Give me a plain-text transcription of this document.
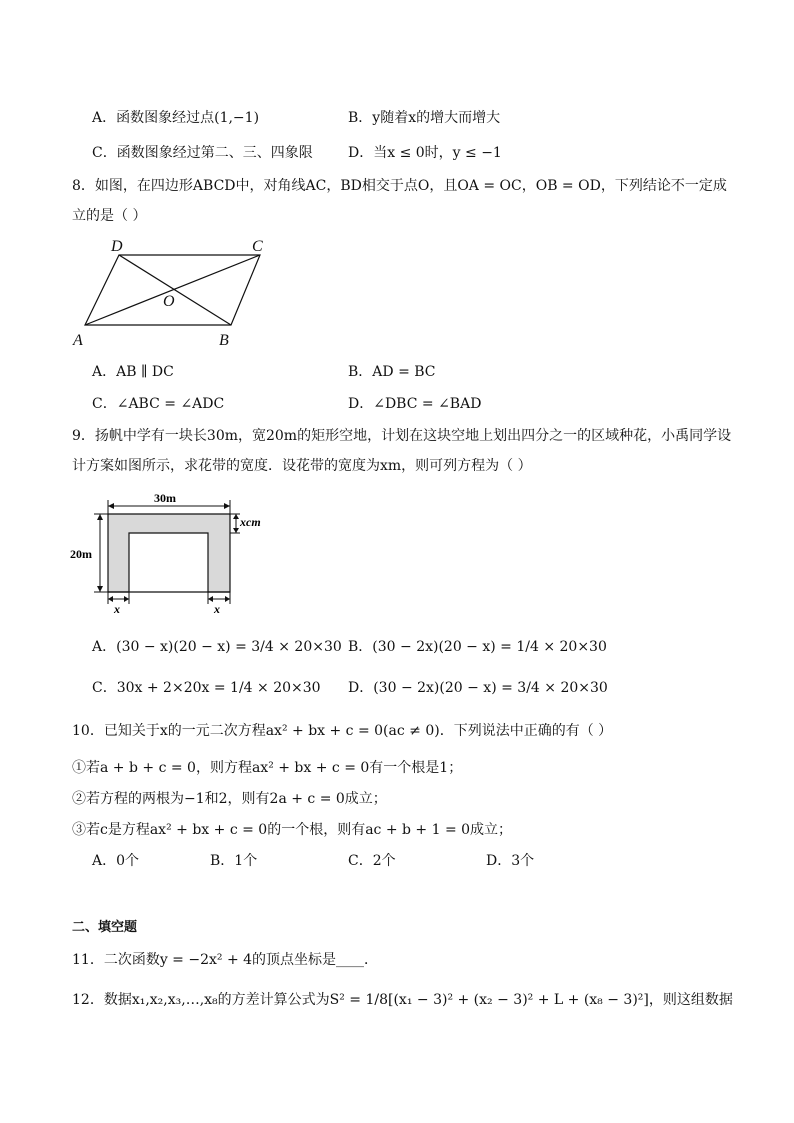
A．函数图象经过点(1,−1)	B．y随着x的增大而增大
C．函数图象经过第二、三、四象限	D．当x ≤ 0时，y ≤ −1
8．如图，在四边形ABCD中，对角线AC，BD相交于点O，且OA = OC，OB = OD，下列结论不一定成
立的是（ ）
D	C
O
A	B
A．AB ∥ DC	B．AD = BC
C．∠ABC = ∠ADC	D．∠DBC = ∠BAD
9．扬帆中学有一块长30m，宽20m的矩形空地，计划在这块空地上划出四分之一的区域种花，小禹同学设
计方案如图所示，求花带的宽度．设花带的宽度为xm，则可列方程为（ ）
30m
20m
xcm
x	x
A．(30 − x)(20 − x) = 3/4 × 20×30 B．(30 − 2x)(20 − x) = 1/4 × 20×30
C．30x + 2×20x = 1/4 × 20×30 D．(30 − 2x)(20 − x) = 3/4 × 20×30
10．已知关于x的一元二次方程ax² + bx + c = 0(ac ≠ 0)．下列说法中正确的有（ ）
①若a + b + c = 0，则方程ax² + bx + c = 0有一个根是1；
②若方程的两根为−1和2，则有2a + c = 0成立；
③若c是方程ax² + bx + c = 0的一个根，则有ac + b + 1 = 0成立；
A．0个	B．1个	C．2个	D．3个
二、填空题
11．二次函数y = −2x² + 4的顶点坐标是____．
12．数据x₁,x₂,x₃,…,x₈的方差计算公式为S² = 1/8[(x₁ − 3)² + (x₂ − 3)² + L + (x₈ − 3)²]，则这组数据
